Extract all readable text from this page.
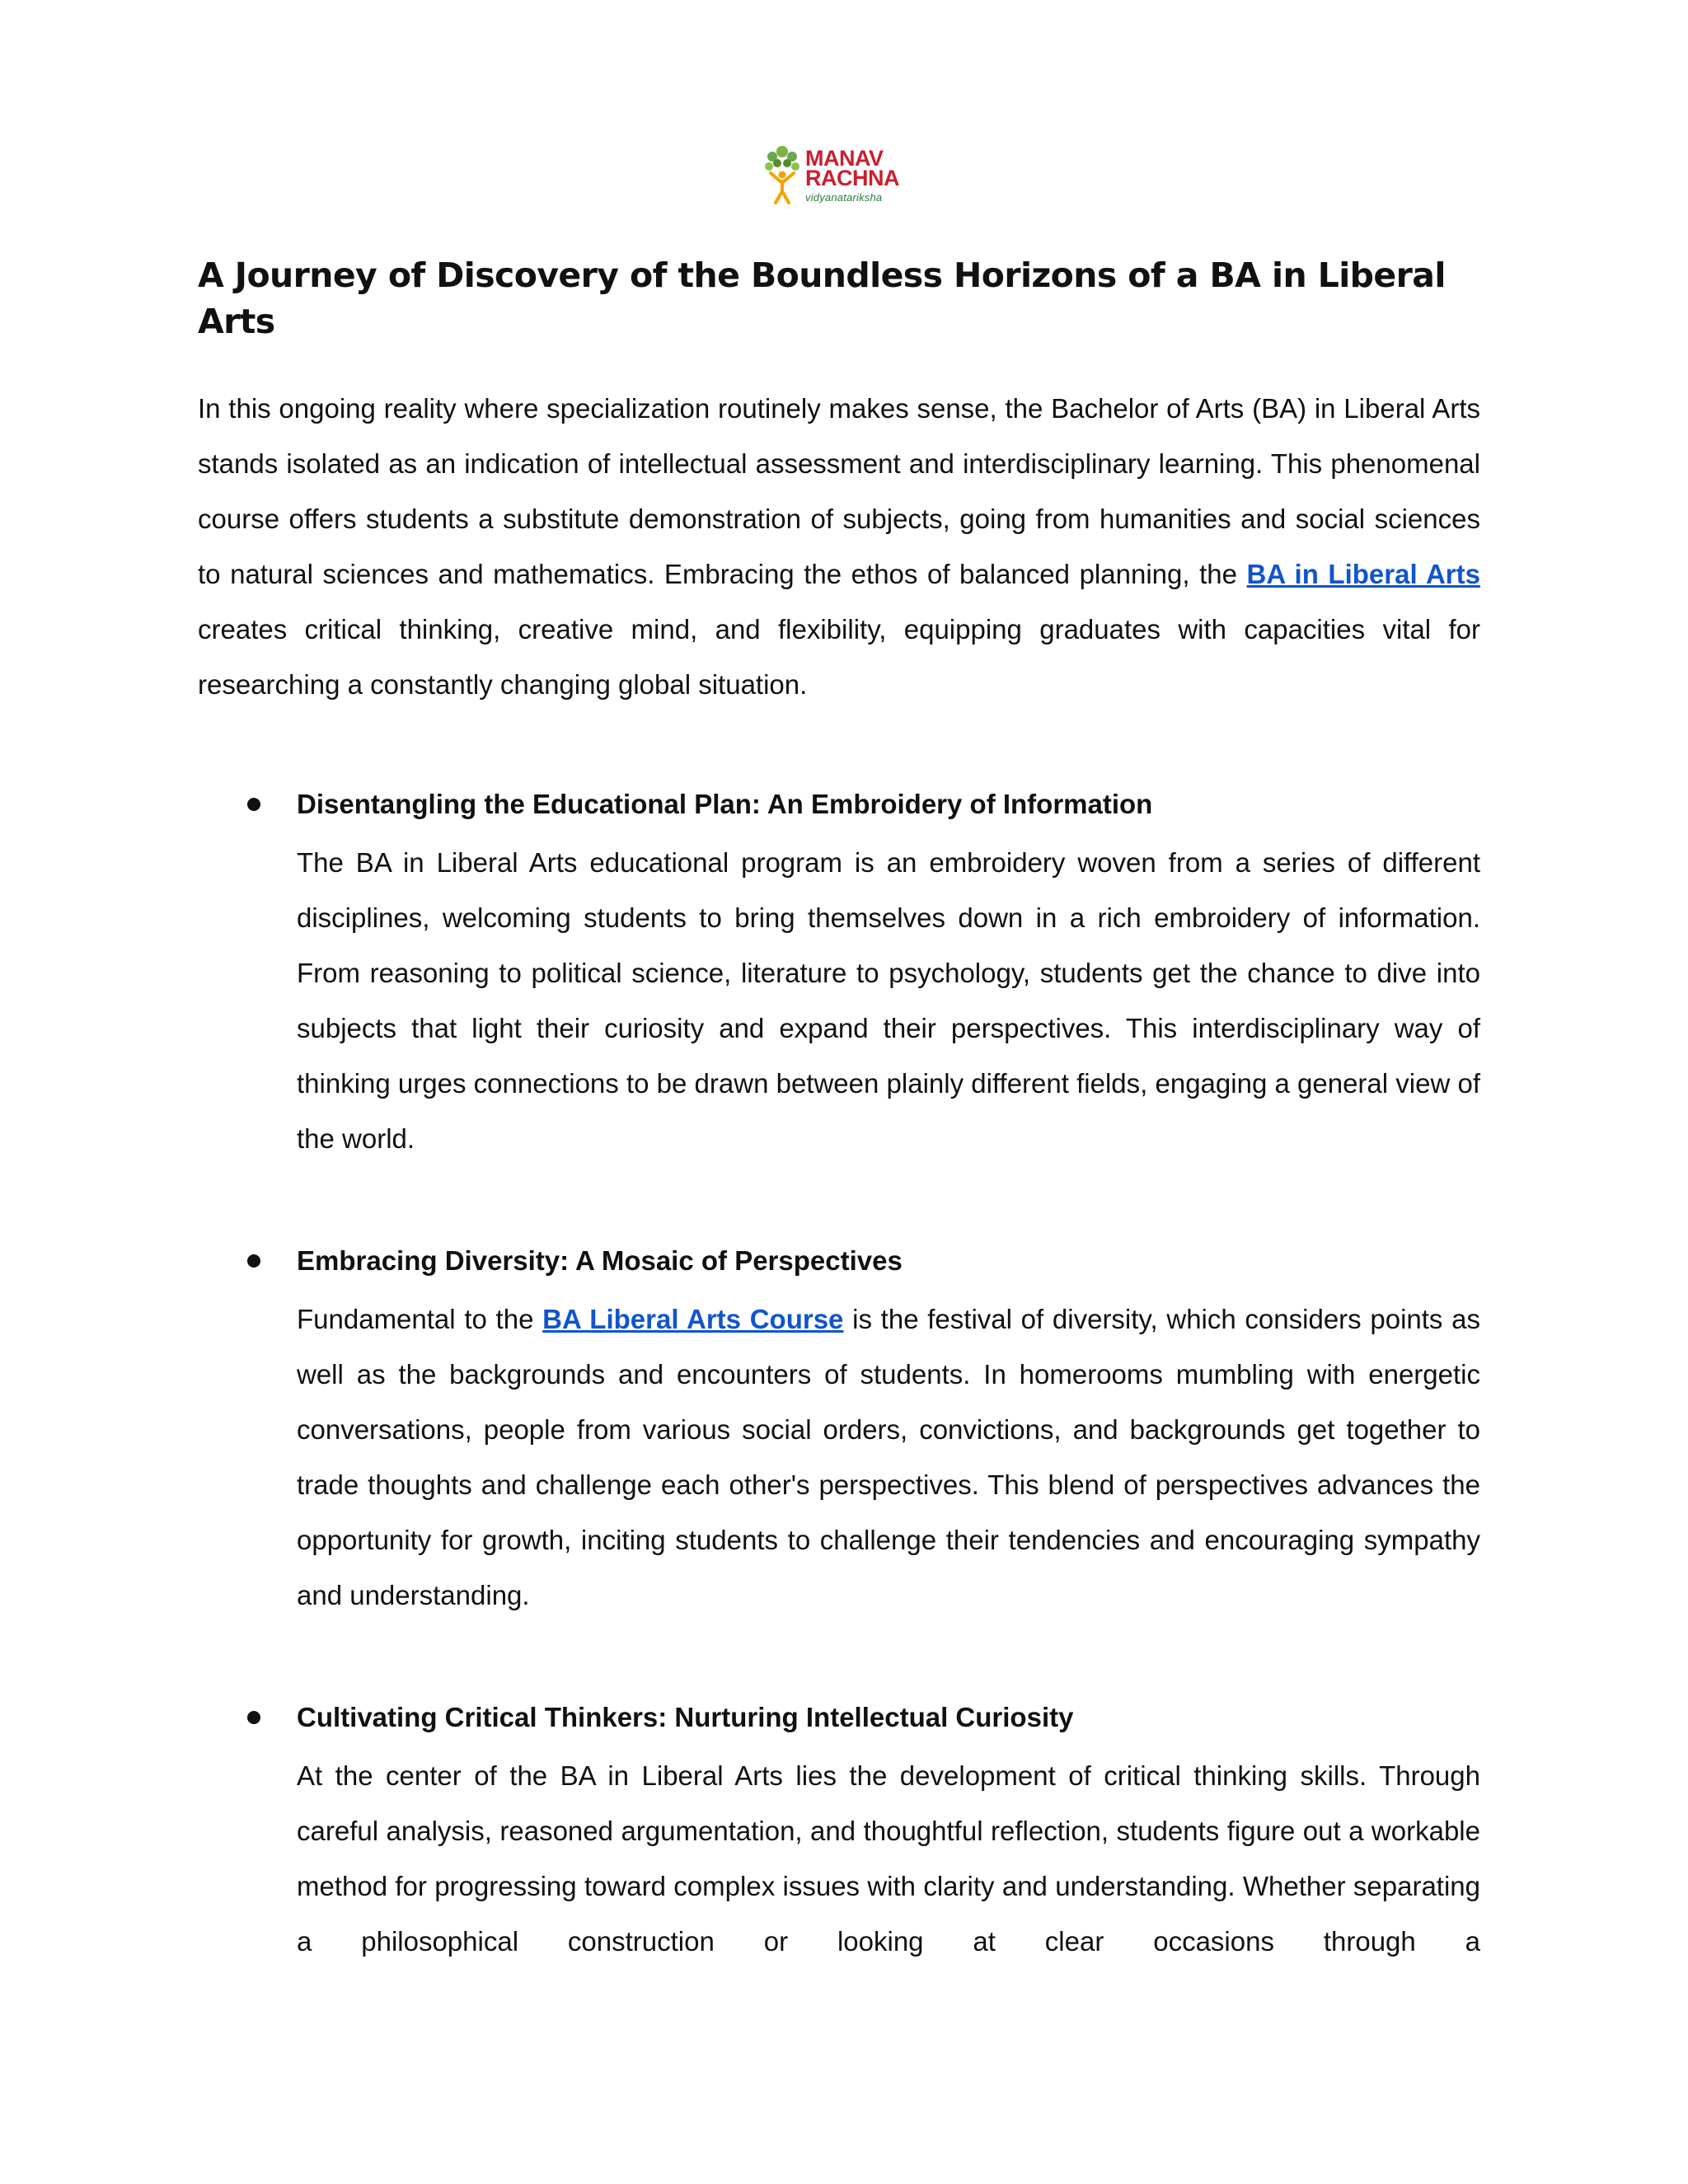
MANAV
RACHNA
vidyanatariksha
A Journey of Discovery of the Boundless Horizons of a BA in Liberal Arts

In this ongoing reality where specialization routinely makes sense, the Bachelor of Arts (BA) in Liberal Arts stands isolated as an indication of intellectual assessment and interdisciplinary learning. This phenomenal course offers students a substitute demonstration of subjects, going from humanities and social sciences to natural sciences and mathematics. Embracing the ethos of balanced planning, the BA in Liberal Arts creates critical thinking, creative mind, and flexibility, equipping graduates with capacities vital for researching a constantly changing global situation.

Disentangling the Educational Plan: An Embroidery of Information

The BA in Liberal Arts educational program is an embroidery woven from a series of different disciplines, welcoming students to bring themselves down in a rich embroidery of information. From reasoning to political science, literature to psychology, students get the chance to dive into subjects that light their curiosity and expand their perspectives. This interdisciplinary way of thinking urges connections to be drawn between plainly different fields, engaging a general view of the world.

Embracing Diversity: A Mosaic of Perspectives

Fundamental to the BA Liberal Arts Course is the festival of diversity, which considers points as well as the backgrounds and encounters of students. In homerooms mumbling with energetic conversations, people from various social orders, convictions, and backgrounds get together to trade thoughts and challenge each other's perspectives. This blend of perspectives advances the opportunity for growth, inciting students to challenge their tendencies and encouraging sympathy and understanding.

Cultivating Critical Thinkers: Nurturing Intellectual Curiosity

At the center of the BA in Liberal Arts lies the development of critical thinking skills. Through careful analysis, reasoned argumentation, and thoughtful reflection, students figure out a workable method for progressing toward complex issues with clarity and understanding. Whether separating a philosophical construction or looking at clear occasions through a
